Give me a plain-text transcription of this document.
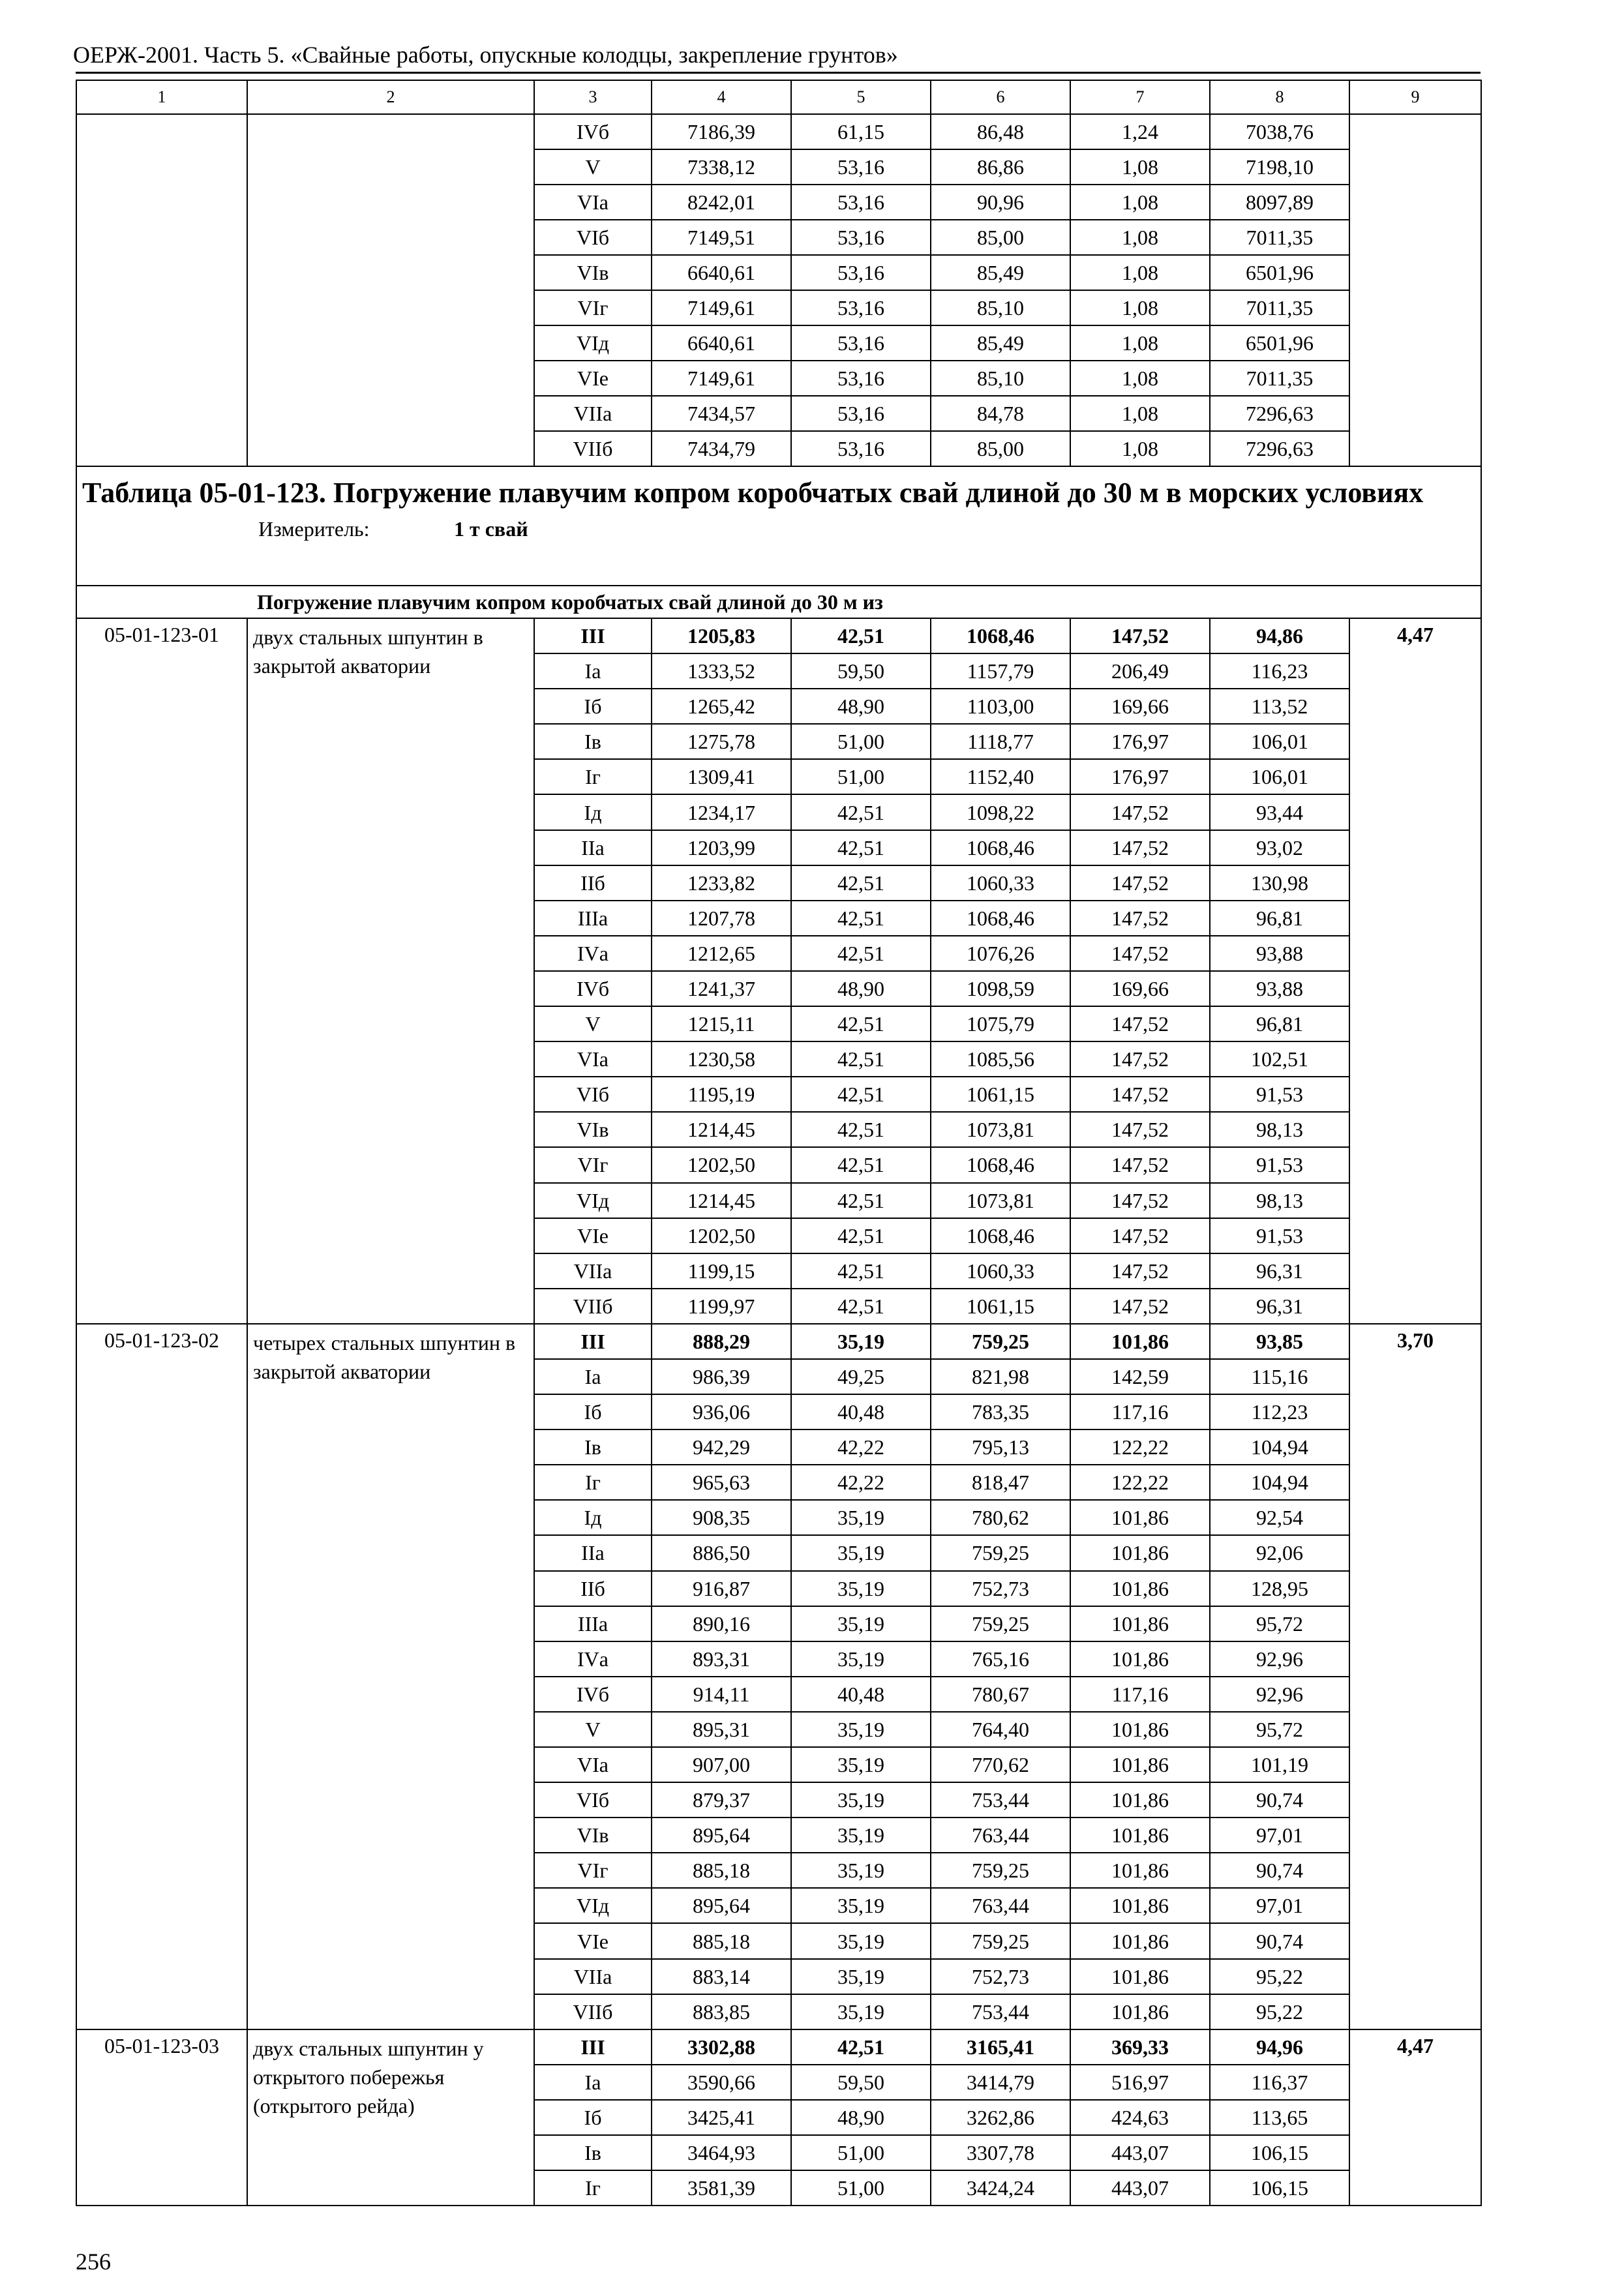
ОЕРЖ-2001. Часть 5. «Свайные работы, опускные колодцы, закрепление грунтов»
1	2	3	4	5	6	7	8	9
		IVб	7186,39	61,15	86,48	1,24	7038,76	
		V	7338,12	53,16	86,86	1,08	7198,10	
		VIа	8242,01	53,16	90,96	1,08	8097,89	
		VIб	7149,51	53,16	85,00	1,08	7011,35	
		VIв	6640,61	53,16	85,49	1,08	6501,96	
		VIг	7149,61	53,16	85,10	1,08	7011,35	
		VIд	6640,61	53,16	85,49	1,08	6501,96	
		VIе	7149,61	53,16	85,10	1,08	7011,35	
		VIIа	7434,57	53,16	84,78	1,08	7296,63	
		VIIб	7434,79	53,16	85,00	1,08	7296,63	

Таблица 05-01-123. Погружение плавучим копром коробчатых свай длиной до 30 м в морских условиях
Измеритель: 1 т свай								

Погружение плавучим копром коробчатых свай длиной до 30 м из								
05-01-123-01	двух стальных шпунтин в закрытой акватории	III	1205,83	42,51	1068,46	147,52	94,86	4,47
		Iа	1333,52	59,50	1157,79	206,49	116,23	
		Iб	1265,42	48,90	1103,00	169,66	113,52	
		Iв	1275,78	51,00	1118,77	176,97	106,01	
		Iг	1309,41	51,00	1152,40	176,97	106,01	
		Iд	1234,17	42,51	1098,22	147,52	93,44	
		IIа	1203,99	42,51	1068,46	147,52	93,02	
		IIб	1233,82	42,51	1060,33	147,52	130,98	
		IIIа	1207,78	42,51	1068,46	147,52	96,81	
		IVа	1212,65	42,51	1076,26	147,52	93,88	
		IVб	1241,37	48,90	1098,59	169,66	93,88	
		V	1215,11	42,51	1075,79	147,52	96,81	
		VIа	1230,58	42,51	1085,56	147,52	102,51	
		VIб	1195,19	42,51	1061,15	147,52	91,53	
		VIв	1214,45	42,51	1073,81	147,52	98,13	
		VIг	1202,50	42,51	1068,46	147,52	91,53	
		VIд	1214,45	42,51	1073,81	147,52	98,13	
		VIе	1202,50	42,51	1068,46	147,52	91,53	
		VIIа	1199,15	42,51	1060,33	147,52	96,31	
		VIIб	1199,97	42,51	1061,15	147,52	96,31	
05-01-123-02	четырех стальных шпунтин в закрытой акватории	III	888,29	35,19	759,25	101,86	93,85	3,70
		Iа	986,39	49,25	821,98	142,59	115,16	
		Iб	936,06	40,48	783,35	117,16	112,23	
		Iв	942,29	42,22	795,13	122,22	104,94	
		Iг	965,63	42,22	818,47	122,22	104,94	
		Iд	908,35	35,19	780,62	101,86	92,54	
		IIа	886,50	35,19	759,25	101,86	92,06	
		IIб	916,87	35,19	752,73	101,86	128,95	
		IIIа	890,16	35,19	759,25	101,86	95,72	
		IVа	893,31	35,19	765,16	101,86	92,96	
		IVб	914,11	40,48	780,67	117,16	92,96	
		V	895,31	35,19	764,40	101,86	95,72	
		VIа	907,00	35,19	770,62	101,86	101,19	
		VIб	879,37	35,19	753,44	101,86	90,74	
		VIв	895,64	35,19	763,44	101,86	97,01	
		VIг	885,18	35,19	759,25	101,86	90,74	
		VIд	895,64	35,19	763,44	101,86	97,01	
		VIе	885,18	35,19	759,25	101,86	90,74	
		VIIа	883,14	35,19	752,73	101,86	95,22	
		VIIб	883,85	35,19	753,44	101,86	95,22	
05-01-123-03	двух стальных шпунтин у открытого побережья (открытого рейда)	III	3302,88	42,51	3165,41	369,33	94,96	4,47
		Iа	3590,66	59,50	3414,79	516,97	116,37	
		Iб	3425,41	48,90	3262,86	424,63	113,65	
		Iв	3464,93	51,00	3307,78	443,07	106,15	
		Iг	3581,39	51,00	3424,24	443,07	106,15	
256
